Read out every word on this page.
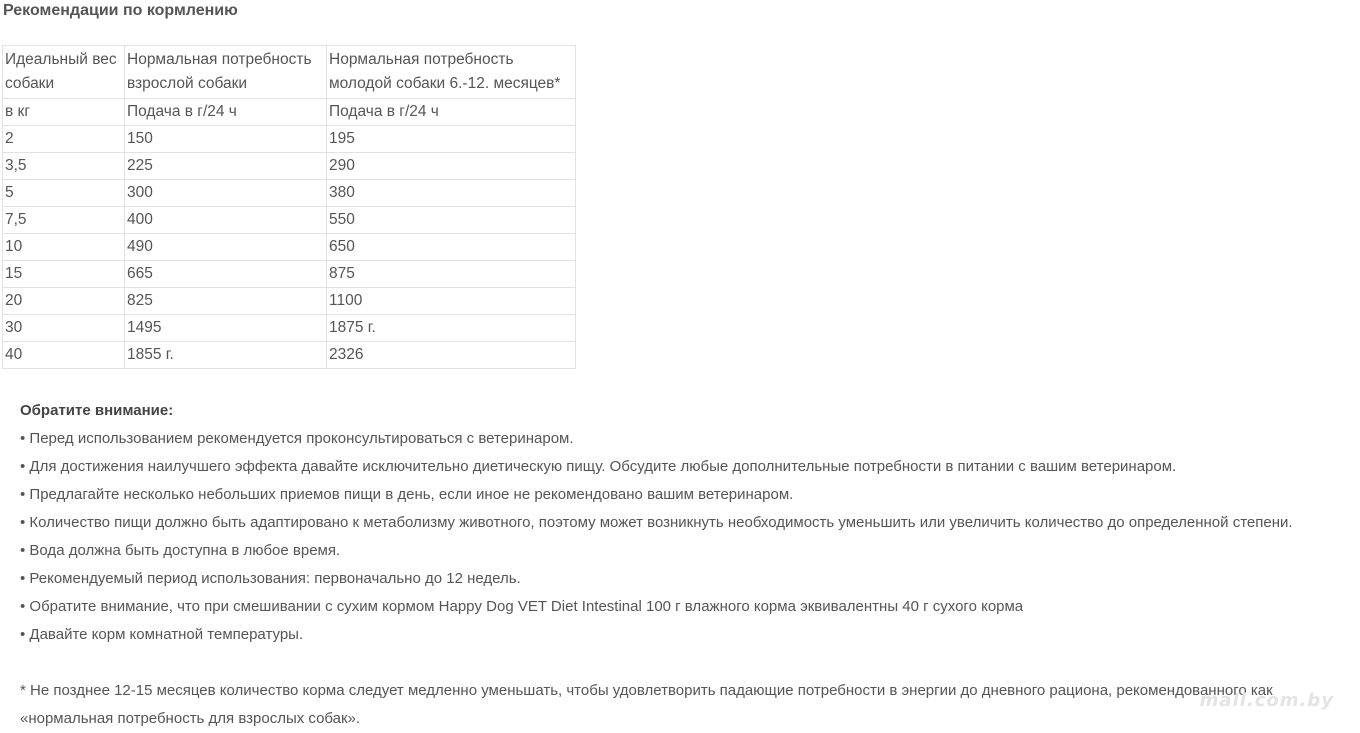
Рекомендации по кормлению
Идеальный вес собаки	Нормальная потребность взрослой собаки	Нормальная потребность молодой собаки 6.-12. месяцев*
в кг	Подача в г/24 ч	Подача в г/24 ч
2	150	195
3,5	225	290
5	300	380
7,5	400	550
10	490	650
15	665	875
20	825	1100
30	1495	1875 г.
40	1855 г.	2326
Обратите внимание:

• Перед использованием рекомендуется проконсультироваться с ветеринаром.

• Для достижения наилучшего эффекта давайте исключительно диетическую пищу. Обсудите любые дополнительные потребности в питании с вашим ветеринаром.

• Предлагайте несколько небольших приемов пищи в день, если иное не рекомендовано вашим ветеринаром.

• Количество пищи должно быть адаптировано к метаболизму животного, поэтому может возникнуть необходимость уменьшить или увеличить количество до определенной степени.

• Вода должна быть доступна в любое время.

• Рекомендуемый период использования: первоначально до 12 недель.

• Обратите внимание, что при смешивании с сухим кормом Happy Dog VET Diet Intestinal 100 г влажного корма эквивалентны 40 г сухого корма

• Давайте корм комнатной температуры.

* Не позднее 12-15 месяцев количество корма следует медленно уменьшать, чтобы удовлетворить падающие потребности в энергии до дневного рациона, рекомендованного как «нормальная потребность для взрослых собак».

mall.com.by
